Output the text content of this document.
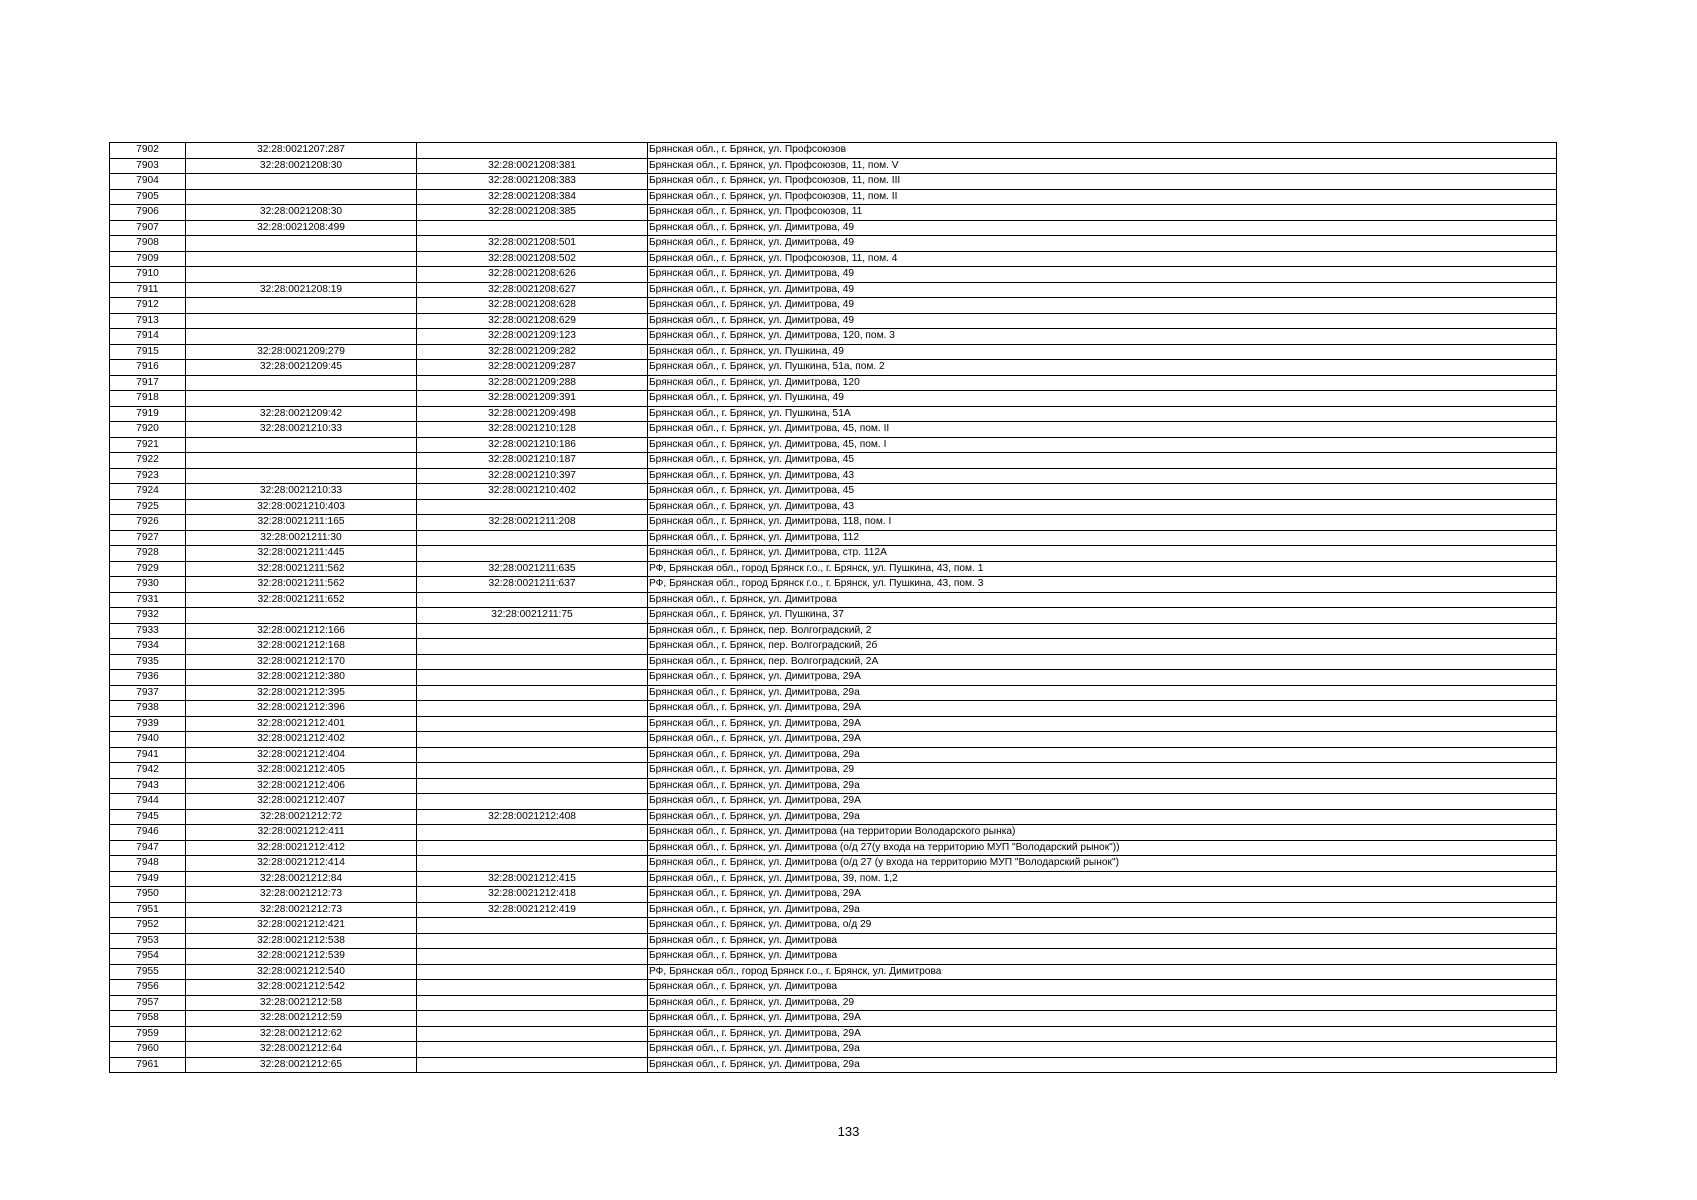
7902	32:28:0021207:287		Брянская обл., г. Брянск, ул. Профсоюзов
7903	32:28:0021208:30	32:28:0021208:381	Брянская обл., г. Брянск, ул. Профсоюзов, 11, пом. V
7904		32:28:0021208:383	Брянская обл., г. Брянск, ул. Профсоюзов, 11, пом. III
7905		32:28:0021208:384	Брянская обл., г. Брянск, ул. Профсоюзов, 11, пом. II
7906	32:28:0021208:30	32:28:0021208:385	Брянская обл., г. Брянск, ул. Профсоюзов, 11
7907	32:28:0021208:499		Брянская обл., г. Брянск, ул. Димитрова, 49
7908		32:28:0021208:501	Брянская обл., г. Брянск, ул. Димитрова, 49
7909		32:28:0021208:502	Брянская обл., г. Брянск, ул. Профсоюзов, 11, пом. 4
7910		32:28:0021208:626	Брянская обл., г. Брянск, ул. Димитрова, 49
7911	32:28:0021208:19	32:28:0021208:627	Брянская обл., г. Брянск, ул. Димитрова, 49
7912		32:28:0021208:628	Брянская обл., г. Брянск, ул. Димитрова, 49
7913		32:28:0021208:629	Брянская обл., г. Брянск, ул. Димитрова, 49
7914		32:28:0021209:123	Брянская обл., г. Брянск, ул. Димитрова, 120, пом. 3
7915	32:28:0021209:279	32:28:0021209:282	Брянская обл., г. Брянск, ул. Пушкина, 49
7916	32:28:0021209:45	32:28:0021209:287	Брянская обл., г. Брянск, ул. Пушкина, 51а, пом. 2
7917		32:28:0021209:288	Брянская обл., г. Брянск, ул. Димитрова, 120
7918		32:28:0021209:391	Брянская обл., г. Брянск, ул. Пушкина, 49
7919	32:28:0021209:42	32:28:0021209:498	Брянская обл., г. Брянск, ул. Пушкина, 51А
7920	32:28:0021210:33	32:28:0021210:128	Брянская обл., г. Брянск, ул. Димитрова, 45, пом. II
7921		32:28:0021210:186	Брянская обл., г. Брянск, ул. Димитрова, 45, пом. I
7922		32:28:0021210:187	Брянская обл., г. Брянск, ул. Димитрова, 45
7923		32:28:0021210:397	Брянская обл., г. Брянск, ул. Димитрова, 43
7924	32:28:0021210:33	32:28:0021210:402	Брянская обл., г. Брянск, ул. Димитрова, 45
7925	32:28:0021210:403		Брянская обл., г. Брянск, ул. Димитрова, 43
7926	32:28:0021211:165	32:28:0021211:208	Брянская обл., г. Брянск, ул. Димитрова, 118, пом. I
7927	32:28:0021211:30		Брянская обл., г. Брянск, ул. Димитрова, 112
7928	32:28:0021211:445		Брянская обл., г. Брянск, ул. Димитрова, стр. 112А
7929	32:28:0021211:562	32:28:0021211:635	РФ, Брянская обл., город Брянск г.о., г. Брянск, ул. Пушкина, 43, пом. 1
7930	32:28:0021211:562	32:28:0021211:637	РФ, Брянская обл., город Брянск г.о., г. Брянск, ул. Пушкина, 43, пом. 3
7931	32:28:0021211:652		Брянская обл., г. Брянск, ул. Димитрова
7932		32:28:0021211:75	Брянская обл., г. Брянск, ул. Пушкина, 37
7933	32:28:0021212:166		Брянская обл., г. Брянск, пер. Волгоградский, 2
7934	32:28:0021212:168		Брянская обл., г. Брянск, пер. Волгоградский, 2б
7935	32:28:0021212:170		Брянская обл., г. Брянск, пер. Волгоградский, 2А
7936	32:28:0021212:380		Брянская обл., г. Брянск, ул. Димитрова, 29А
7937	32:28:0021212:395		Брянская обл., г. Брянск, ул. Димитрова, 29а
7938	32:28:0021212:396		Брянская обл., г. Брянск, ул. Димитрова, 29А
7939	32:28:0021212:401		Брянская обл., г. Брянск, ул. Димитрова, 29А
7940	32:28:0021212:402		Брянская обл., г. Брянск, ул. Димитрова, 29А
7941	32:28:0021212:404		Брянская обл., г. Брянск, ул. Димитрова, 29а
7942	32:28:0021212:405		Брянская обл., г. Брянск, ул. Димитрова, 29
7943	32:28:0021212:406		Брянская обл., г. Брянск, ул. Димитрова, 29а
7944	32:28:0021212:407		Брянская обл., г. Брянск, ул. Димитрова, 29А
7945	32:28:0021212:72	32:28:0021212:408	Брянская обл., г. Брянск, ул. Димитрова, 29а
7946	32:28:0021212:411		Брянская обл., г. Брянск, ул. Димитрова (на территории Володарского рынка)
7947	32:28:0021212:412		Брянская обл., г. Брянск, ул. Димитрова (о/д 27(у входа на территорию МУП "Володарский рынок"))
7948	32:28:0021212:414		Брянская обл., г. Брянск, ул. Димитрова (о/д 27 (у входа на территорию МУП "Володарский рынок")
7949	32:28:0021212:84	32:28:0021212:415	Брянская обл., г. Брянск, ул. Димитрова, 39, пом. 1,2
7950	32:28:0021212:73	32:28:0021212:418	Брянская обл., г. Брянск, ул. Димитрова, 29А
7951	32:28:0021212:73	32:28:0021212:419	Брянская обл., г. Брянск, ул. Димитрова, 29а
7952	32:28:0021212:421		Брянская обл., г. Брянск, ул. Димитрова, о/д 29
7953	32:28:0021212:538		Брянская обл., г. Брянск, ул. Димитрова
7954	32:28:0021212:539		Брянская обл., г. Брянск, ул. Димитрова
7955	32:28:0021212:540		РФ, Брянская обл., город Брянск г.о., г. Брянск, ул. Димитрова
7956	32:28:0021212:542		Брянская обл., г. Брянск, ул. Димитрова
7957	32:28:0021212:58		Брянская обл., г. Брянск, ул. Димитрова, 29
7958	32:28:0021212:59		Брянская обл., г. Брянск, ул. Димитрова, 29А
7959	32:28:0021212:62		Брянская обл., г. Брянск, ул. Димитрова, 29А
7960	32:28:0021212:64		Брянская обл., г. Брянск, ул. Димитрова, 29а
7961	32:28:0021212:65		Брянская обл., г. Брянск, ул. Димитрова, 29а
133
